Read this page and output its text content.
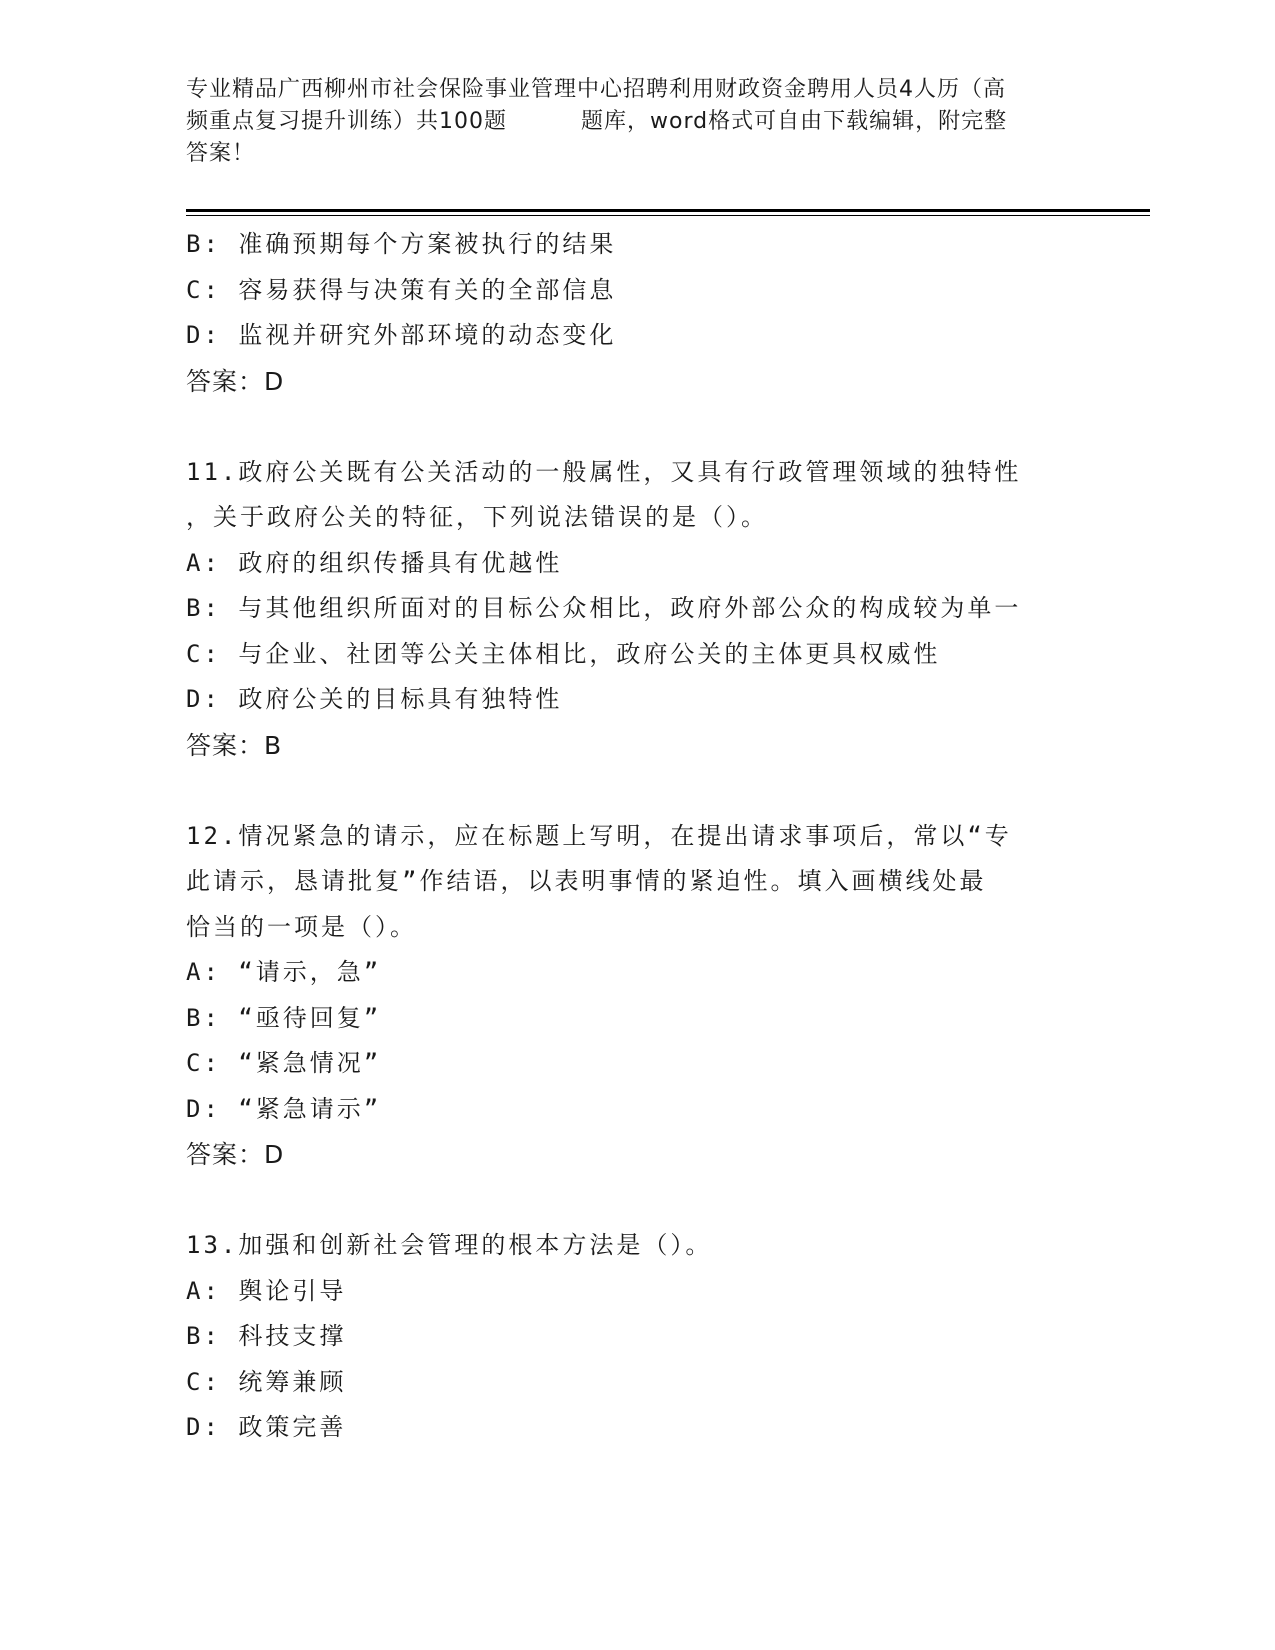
专业精品广西柳州市社会保险事业管理中心招聘利用财政资金聘用人员4人历（高
频重点复习提升训练）共100题	题库，word格式可自由下载编辑，附完整
答案！

B: 准确预期每个方案被执行的结果

C: 容易获得与决策有关的全部信息

D: 监视并研究外部环境的动态变化

答案：D

11.政府公关既有公关活动的一般属性，又具有行政管理领域的独特性

，关于政府公关的特征，下列说法错误的是（）。

A: 政府的组织传播具有优越性

B: 与其他组织所面对的目标公众相比，政府外部公众的构成较为单一

C: 与企业、社团等公关主体相比，政府公关的主体更具权威性

D: 政府公关的目标具有独特性

答案：B

12.情况紧急的请示，应在标题上写明，在提出请求事项后，常以“专

此请示，恳请批复”作结语，以表明事情的紧迫性。填入画横线处最

恰当的一项是（）。

A: “请示，急”

B: “亟待回复”

C: “紧急情况”

D: “紧急请示”

答案：D

13.加强和创新社会管理的根本方法是（）。

A: 舆论引导

B: 科技支撑

C: 统筹兼顾

D: 政策完善
